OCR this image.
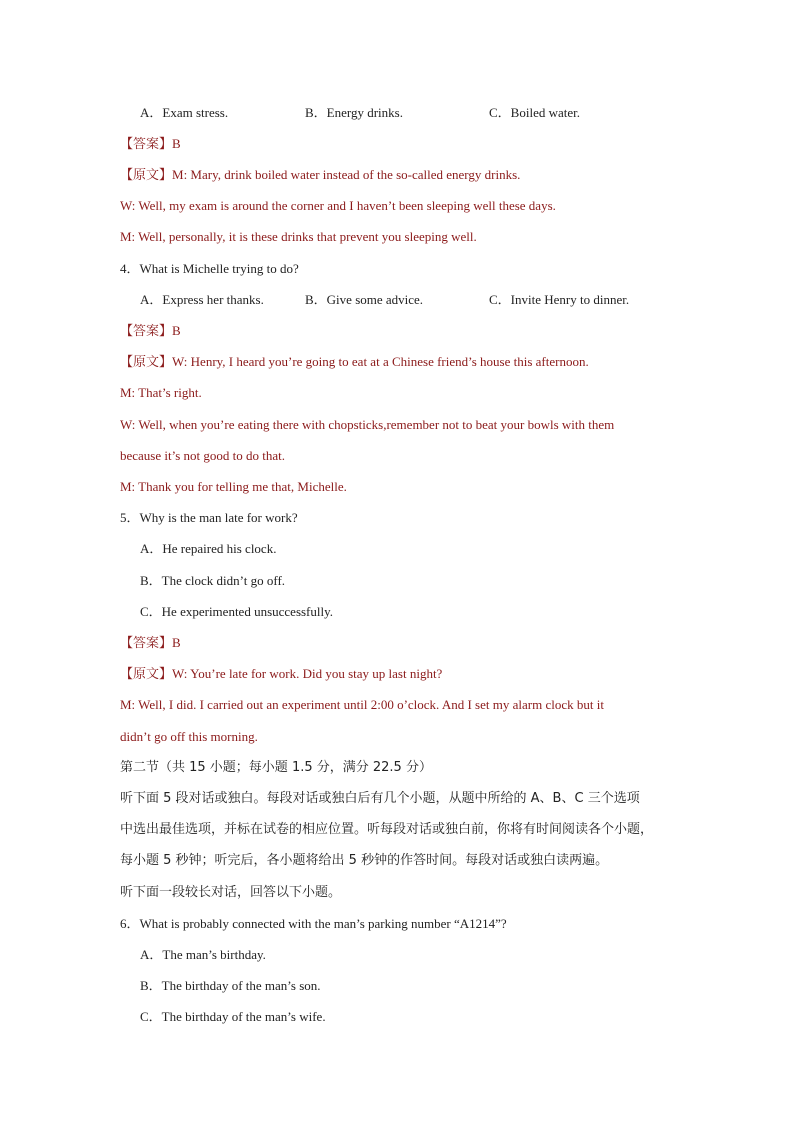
A．Exam stress.	B．Energy drinks.	C．Boiled water.
【答案】B
【原文】M: Mary, drink boiled water instead of the so-called energy drinks.
W: Well, my exam is around the corner and I haven’t been sleeping well these days.
M: Well, personally, it is these drinks that prevent you sleeping well.
4．What is Michelle trying to do?
A．Express her thanks.	B．Give some advice.	C．Invite Henry to dinner.
【答案】B
【原文】W: Henry, I heard you’re going to eat at a Chinese friend’s house this afternoon.
M: That’s right.
W: Well, when you’re eating there with chopsticks,remember not to beat your bowls with them
because it’s not good to do that.
M: Thank you for telling me that, Michelle.
5．Why is the man late for work?
A．He repaired his clock.
B．The clock didn’t go off.
C．He experimented unsuccessfully.
【答案】B
【原文】W: You’re late for work. Did you stay up last night?
M: Well, I did. I carried out an experiment until 2:00 o’clock. And I set my alarm clock but it
didn’t go off this morning.
第二节（共 15 小题；每小题 1.5 分，满分 22.5 分）
听下面 5 段对话或独白。每段对话或独白后有几个小题，从题中所给的 A、B、C 三个选项
中选出最佳选项，并标在试卷的相应位置。听每段对话或独白前，你将有时间阅读各个小题，
每小题 5 秒钟；听完后，各小题将给出 5 秒钟的作答时间。每段对话或独白读两遍。
听下面一段较长对话，回答以下小题。
6．What is probably connected with the man’s parking number “A1214”?
A．The man’s birthday.
B．The birthday of the man’s son.
C．The birthday of the man’s wife.
